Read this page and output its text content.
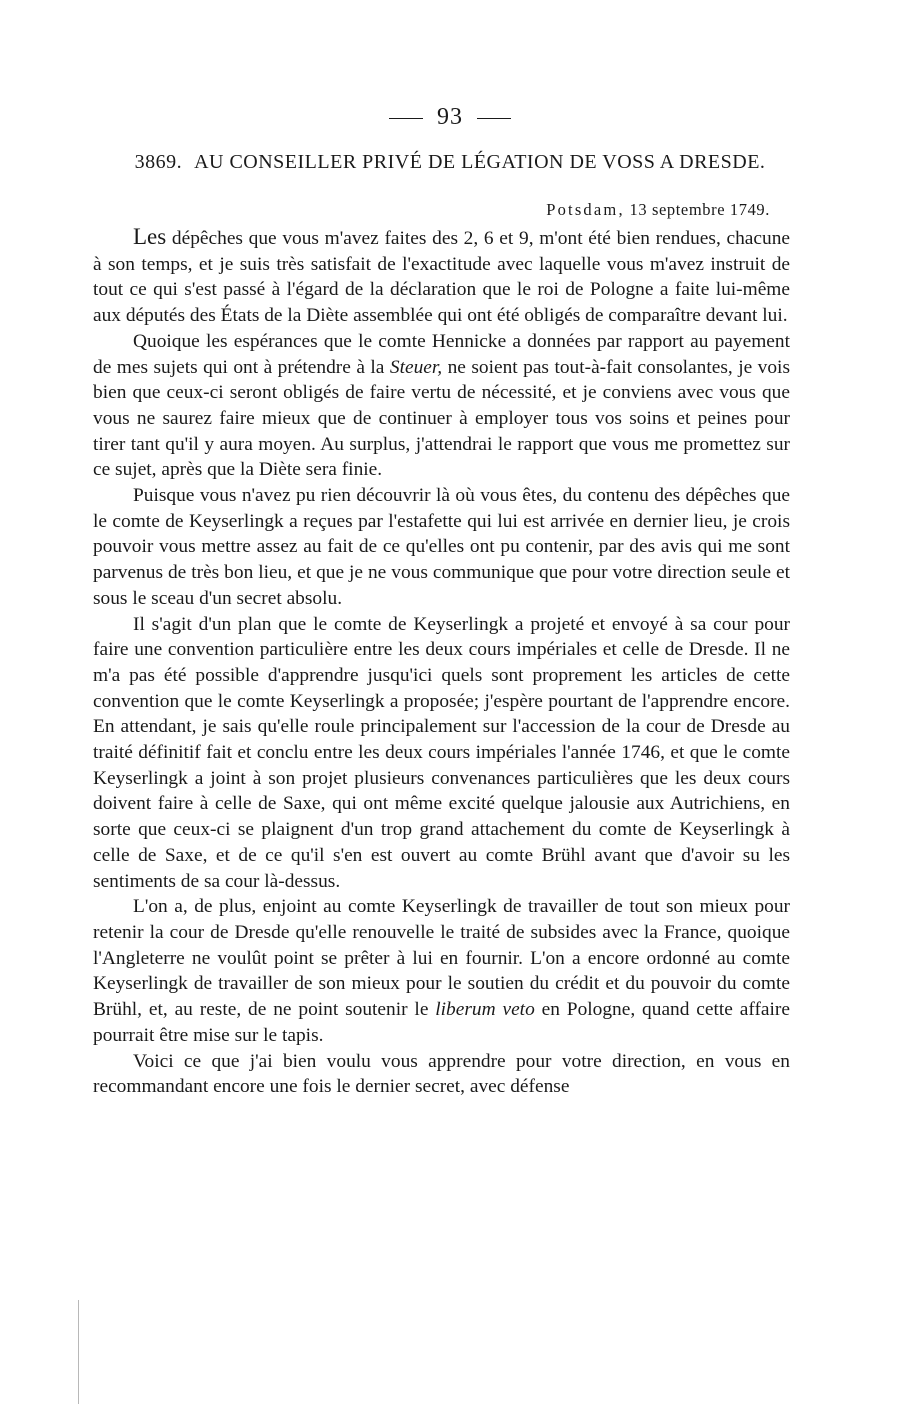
93
3869. AU CONSEILLER PRIVÉ DE LÉGATION DE VOSS A DRESDE.
Potsdam, 13 septembre 1749.

Les dépêches que vous m'avez faites des 2, 6 et 9, m'ont été bien rendues, chacune à son temps, et je suis très satisfait de l'exactitude avec laquelle vous m'avez instruit de tout ce qui s'est passé à l'égard de la déclaration que le roi de Pologne a faite lui-même aux députés des États de la Diète assemblée qui ont été obligés de comparaître devant lui.

Quoique les espérances que le comte Hennicke a données par rapport au payement de mes sujets qui ont à prétendre à la Steuer, ne soient pas tout-à-fait consolantes, je vois bien que ceux-ci seront obligés de faire vertu de nécessité, et je conviens avec vous que vous ne saurez faire mieux que de continuer à employer tous vos soins et peines pour tirer tant qu'il y aura moyen. Au surplus, j'attendrai le rapport que vous me promettez sur ce sujet, après que la Diète sera finie.

Puisque vous n'avez pu rien découvrir là où vous êtes, du contenu des dépêches que le comte de Keyserlingk a reçues par l'estafette qui lui est arrivée en dernier lieu, je crois pouvoir vous mettre assez au fait de ce qu'elles ont pu contenir, par des avis qui me sont parvenus de très bon lieu, et que je ne vous communique que pour votre direction seule et sous le sceau d'un secret absolu.

Il s'agit d'un plan que le comte de Keyserlingk a projeté et envoyé à sa cour pour faire une convention particulière entre les deux cours impériales et celle de Dresde. Il ne m'a pas été possible d'apprendre jusqu'ici quels sont proprement les articles de cette convention que le comte Keyserlingk a proposée; j'espère pourtant de l'apprendre encore. En attendant, je sais qu'elle roule principalement sur l'accession de la cour de Dresde au traité définitif fait et conclu entre les deux cours impériales l'année 1746, et que le comte Keyserlingk a joint à son projet plusieurs convenances particulières que les deux cours doivent faire à celle de Saxe, qui ont même excité quelque jalousie aux Autrichiens, en sorte que ceux-ci se plaignent d'un trop grand attachement du comte de Keyserlingk à celle de Saxe, et de ce qu'il s'en est ouvert au comte Brühl avant que d'avoir su les sentiments de sa cour là-dessus.

L'on a, de plus, enjoint au comte Keyserlingk de travailler de tout son mieux pour retenir la cour de Dresde qu'elle renouvelle le traité de subsides avec la France, quoique l'Angleterre ne voulût point se prêter à lui en fournir. L'on a encore ordonné au comte Keyserlingk de travailler de son mieux pour le soutien du crédit et du pouvoir du comte Brühl, et, au reste, de ne point soutenir le liberum veto en Pologne, quand cette affaire pourrait être mise sur le tapis.

Voici ce que j'ai bien voulu vous apprendre pour votre direction, en vous en recommandant encore une fois le dernier secret, avec défense
